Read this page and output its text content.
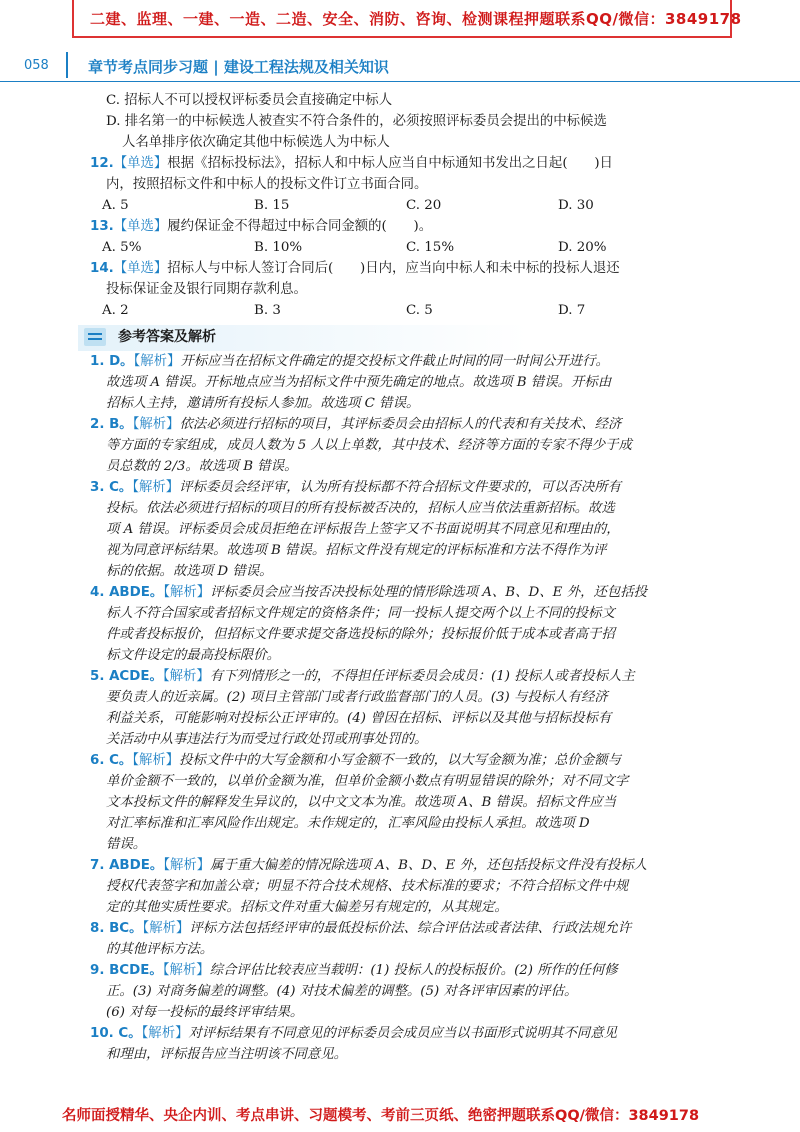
二建、监理、一建、一造、二造、安全、消防、咨询、检测课程押题联系QQ/微信：3849178
058	章节考点同步习题 | 建设工程法规及相关知识
C. 招标人不可以授权评标委员会直接确定中标人
D. 排名第一的中标候选人被查实不符合条件的，必须按照评标委员会提出的中标候选
人名单排序依次确定其他中标候选人为中标人
12.【单选】根据《招标投标法》，招标人和中标人应当自中标通知书发出之日起(　　)日
内，按照招标文件和中标人的投标文件订立书面合同。
A. 5	B. 15	C. 20	D. 30
13.【单选】履约保证金不得超过中标合同金额的(　　)。
A. 5%	B. 10%	C. 15%	D. 20%
14.【单选】招标人与中标人签订合同后(　　)日内，应当向中标人和未中标的投标人退还
投标保证金及银行同期存款利息。
A. 2	B. 3	C. 5	D. 7
参考答案及解析
1. D。【解析】开标应当在招标文件确定的提交投标文件截止时间的同一时间公开进行。
故选项 A 错误。开标地点应当为招标文件中预先确定的地点。故选项 B 错误。开标由
招标人主持，邀请所有投标人参加。故选项 C 错误。
2. B。【解析】依法必须进行招标的项目，其评标委员会由招标人的代表和有关技术、经济
等方面的专家组成，成员人数为 5 人以上单数，其中技术、经济等方面的专家不得少于成
员总数的 2/3。故选项 B 错误。
3. C。【解析】评标委员会经评审，认为所有投标都不符合招标文件要求的，可以否决所有
投标。依法必须进行招标的项目的所有投标被否决的，招标人应当依法重新招标。故选
项 A 错误。评标委员会成员拒绝在评标报告上签字又不书面说明其不同意见和理由的，
视为同意评标结果。故选项 B 错误。招标文件没有规定的评标标准和方法不得作为评
标的依据。故选项 D 错误。
4. ABDE。【解析】评标委员会应当按否决投标处理的情形除选项 A、B、D、E 外，还包括投
标人不符合国家或者招标文件规定的资格条件；同一投标人提交两个以上不同的投标文
件或者投标报价，但招标文件要求提交备选投标的除外；投标报价低于成本或者高于招
标文件设定的最高投标限价。
5. ACDE。【解析】有下列情形之一的，不得担任评标委员会成员：(1) 投标人或者投标人主
要负责人的近亲属。(2) 项目主管部门或者行政监督部门的人员。(3) 与投标人有经济
利益关系，可能影响对投标公正评审的。(4) 曾因在招标、评标以及其他与招标投标有
关活动中从事违法行为而受过行政处罚或刑事处罚的。
6. C。【解析】投标文件中的大写金额和小写金额不一致的，以大写金额为准；总价金额与
单价金额不一致的，以单价金额为准，但单价金额小数点有明显错误的除外；对不同文字
文本投标文件的解释发生异议的，以中文文本为准。故选项 A、B 错误。招标文件应当
对汇率标准和汇率风险作出规定。未作规定的，汇率风险由投标人承担。故选项 D
错误。
7. ABDE。【解析】属于重大偏差的情况除选项 A、B、D、E 外，还包括投标文件没有投标人
授权代表签字和加盖公章；明显不符合技术规格、技术标准的要求；不符合招标文件中规
定的其他实质性要求。招标文件对重大偏差另有规定的，从其规定。
8. BC。【解析】评标方法包括经评审的最低投标价法、综合评估法或者法律、行政法规允许
的其他评标方法。
9. BCDE。【解析】综合评估比较表应当载明：(1) 投标人的投标报价。(2) 所作的任何修
正。(3) 对商务偏差的调整。(4) 对技术偏差的调整。(5) 对各评审因素的评估。
(6) 对每一投标的最终评审结果。
10. C。【解析】对评标结果有不同意见的评标委员会成员应当以书面形式说明其不同意见
和理由，评标报告应当注明该不同意见。
名师面授精华、央企内训、考点串讲、习题模考、考前三页纸、绝密押题联系QQ/微信：3849178
